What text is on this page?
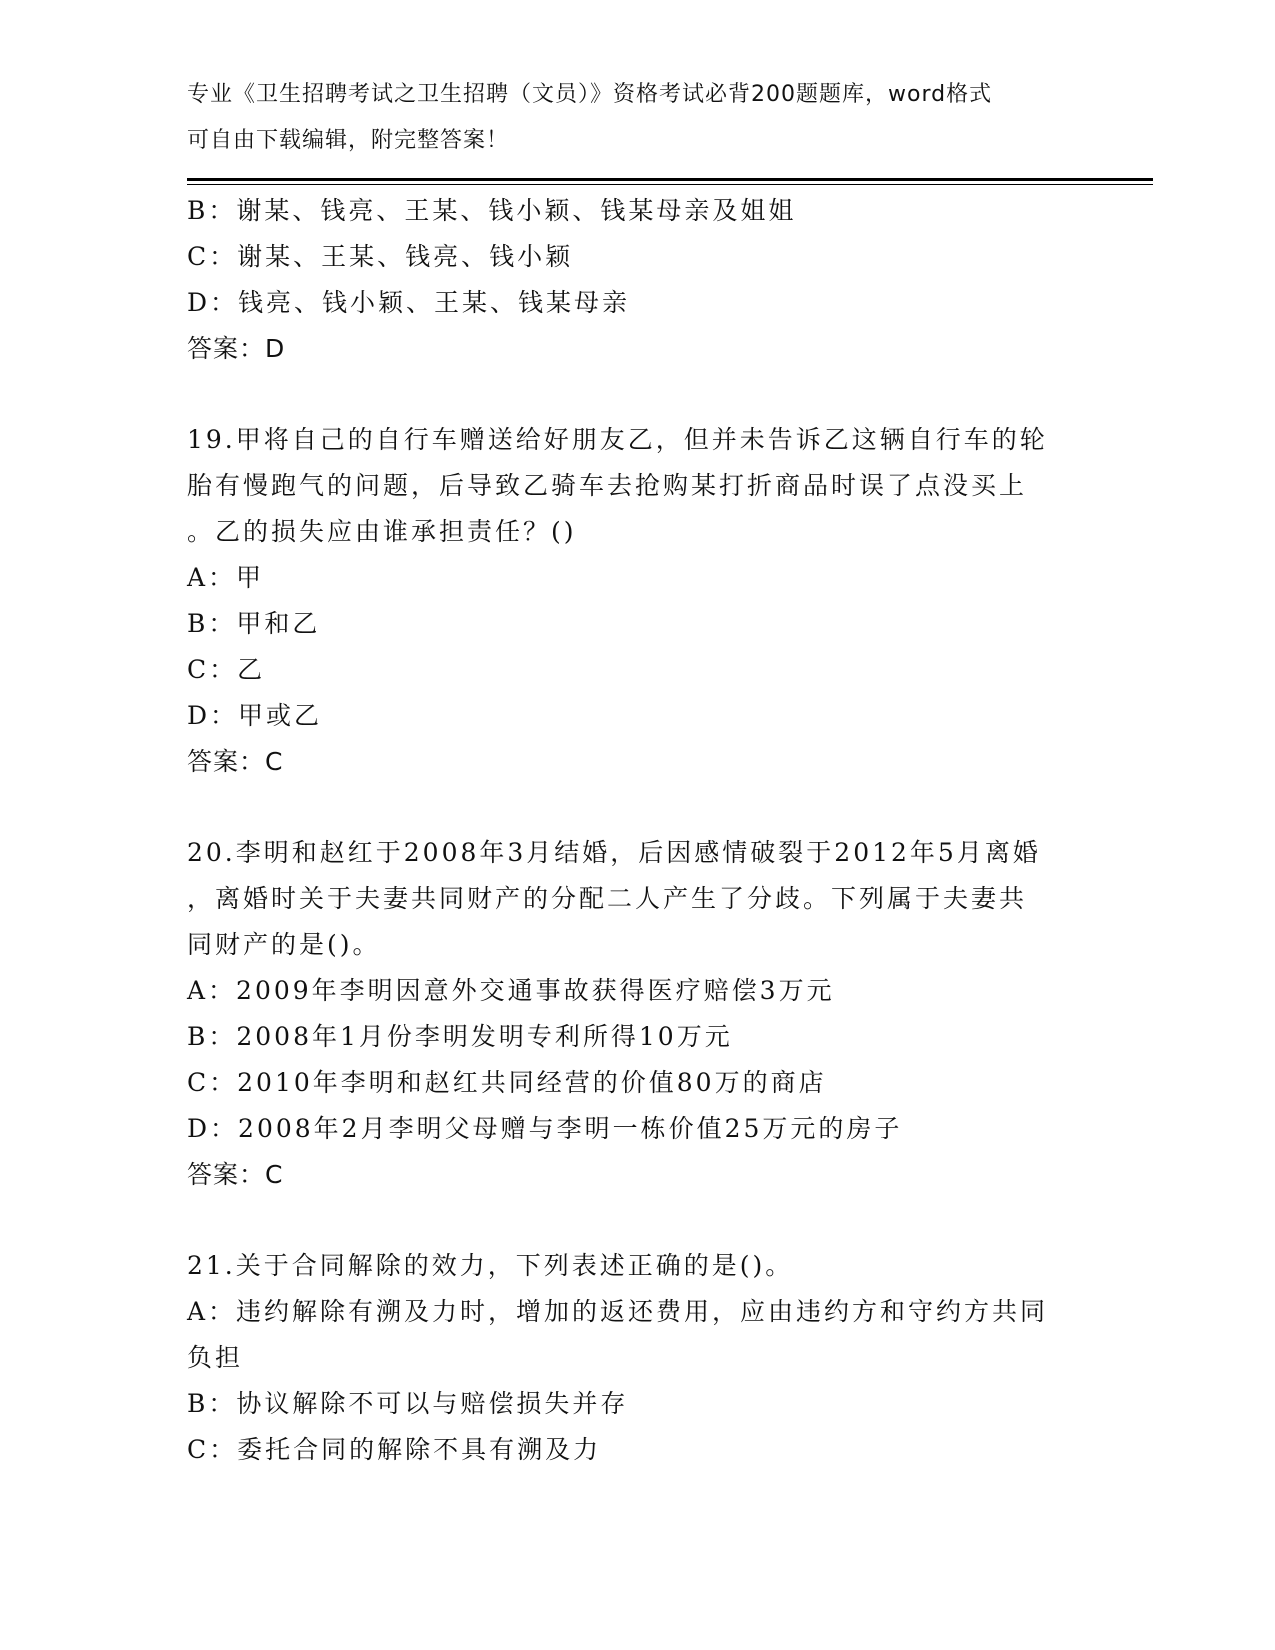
专业《卫生招聘考试之卫生招聘（文员）》资格考试必背200题题库，word格式
可自由下载编辑，附完整答案！
B：谢某、钱亮、王某、钱小颖、钱某母亲及姐姐
C：谢某、王某、钱亮、钱小颖
D：钱亮、钱小颖、王某、钱某母亲
答案：D
19.甲将自己的自行车赠送给好朋友乙，但并未告诉乙这辆自行车的轮
胎有慢跑气的问题，后导致乙骑车去抢购某打折商品时误了点没买上
。乙的损失应由谁承担责任？()
A：甲
B：甲和乙
C：乙
D：甲或乙
答案：C
20.李明和赵红于2008年3月结婚，后因感情破裂于2012年5月离婚
，离婚时关于夫妻共同财产的分配二人产生了分歧。下列属于夫妻共
同财产的是()。
A：2009年李明因意外交通事故获得医疗赔偿3万元
B：2008年1月份李明发明专利所得10万元
C：2010年李明和赵红共同经营的价值80万的商店
D：2008年2月李明父母赠与李明一栋价值25万元的房子
答案：C
21.关于合同解除的效力，下列表述正确的是()。
A：违约解除有溯及力时，增加的返还费用，应由违约方和守约方共同
负担
B：协议解除不可以与赔偿损失并存
C：委托合同的解除不具有溯及力
